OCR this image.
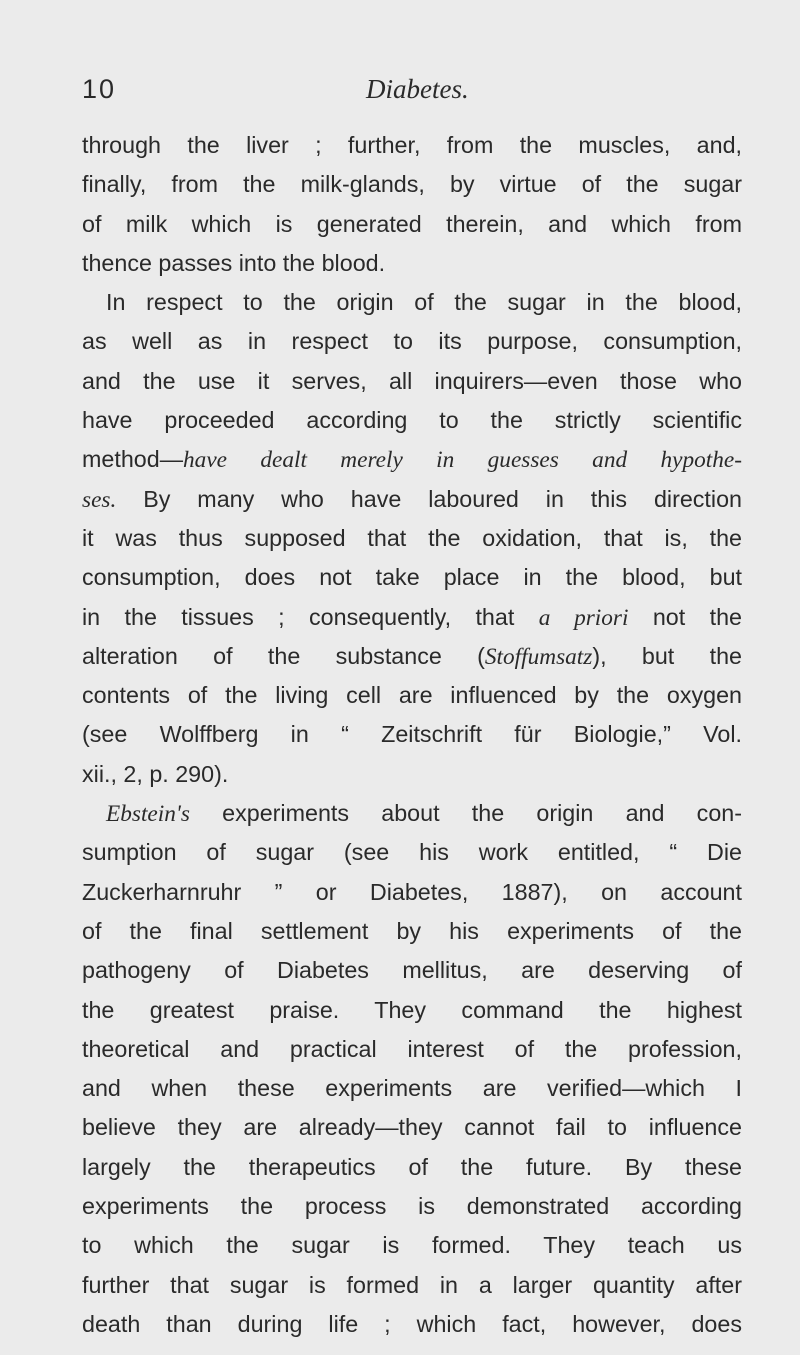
10	Diabetes.
through the liver ; further, from the muscles, and,
finally, from the milk-glands, by virtue of the sugar
of milk which is generated therein, and which from
thence passes into the blood.
In respect to the origin of the sugar in the blood,
as well as in respect to its purpose, consumption,
and the use it serves, all inquirers—even those who
have proceeded according to the strictly scientific
method—have dealt merely in guesses and hypothe-
ses. By many who have laboured in this direction
it was thus supposed that the oxidation, that is, the
consumption, does not take place in the blood, but
in the tissues ; consequently, that a priori not the
alteration of the substance (Stoffumsatz), but the
contents of the living cell are influenced by the oxygen
(see Wolffberg in “ Zeitschrift für Biologie,” Vol.
xii., 2, p. 290).
Ebstein's experiments about the origin and con-
sumption of sugar (see his work entitled, “ Die
Zuckerharnruhr ” or Diabetes, 1887), on account
of the final settlement by his experiments of the
pathogeny of Diabetes mellitus, are deserving of
the greatest praise. They command the highest
theoretical and practical interest of the profession,
and when these experiments are verified—which I
believe they are already—they cannot fail to influence
largely the therapeutics of the future. By these
experiments the process is demonstrated according
to which the sugar is formed. They teach us
further that sugar is formed in a larger quantity after
death than during life ; which fact, however, does
